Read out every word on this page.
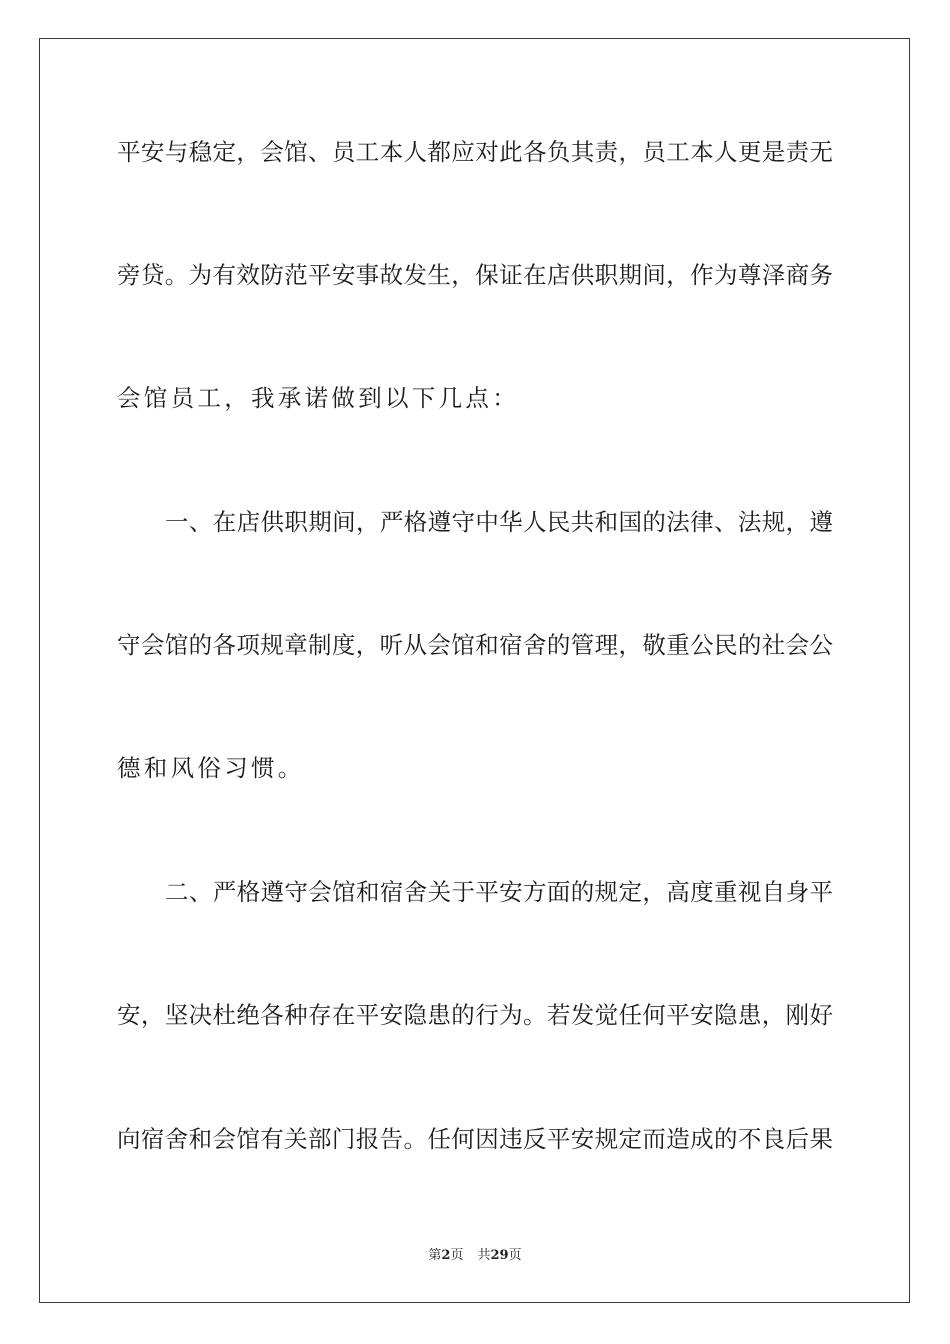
平安与稳定，会馆、员工本人都应对此各负其责，员工本人更是责无
旁贷。为有效防范平安事故发生，保证在店供职期间，作为尊泽商务
会馆员工，我承诺做到以下几点：
一、在店供职期间，严格遵守中华人民共和国的法律、法规，遵
守会馆的各项规章制度，听从会馆和宿舍的管理，敬重公民的社会公
德和风俗习惯。
二、严格遵守会馆和宿舍关于平安方面的规定，高度重视自身平
安，坚决杜绝各种存在平安隐患的行为。若发觉任何平安隐患，刚好
向宿舍和会馆有关部门报告。任何因违反平安规定而造成的不良后果
第2页 共29页
